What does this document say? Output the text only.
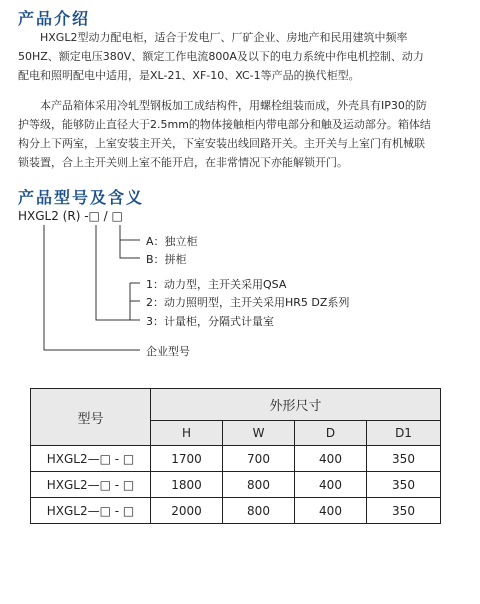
产品介绍

　　HXGL2型动力配电柜，适合于发电厂、厂矿企业、房地产和民用建筑中频率
50HZ、额定电压380V、额定工作电流800A及以下的电力系统中作电机控制、动力
配电和照明配电中适用，是XL-21、XF-10、XC-1等产品的换代柜型。

　　本产品箱体采用冷轧型钢板加工成结构件，用螺栓组装而成，外壳具有IP30的防
护等级，能够防止直径大于2.5mm的物体接触柜内带电部分和触及运动部分。箱体结
构分上下两室，上室安装主开关，下室安装出线回路开关。主开关与上室门有机械联
锁装置，合上主开关则上室不能开启，在非常情况下亦能解锁开门。

产品型号及含义
HXGL2 (R) -□ / □
A：独立柜
B：拼柜
1：动力型，主开关采用QSA
2：动力照明型，主开关采用HR5 DZ系列
3：计量柜，分隔式计量室
企业型号
型号	外形尺寸			
	H	W	D	D1
HXGL2—□ - □	1700	700	400	350
HXGL2—□ - □	1800	800	400	350
HXGL2—□ - □	2000	800	400	350
